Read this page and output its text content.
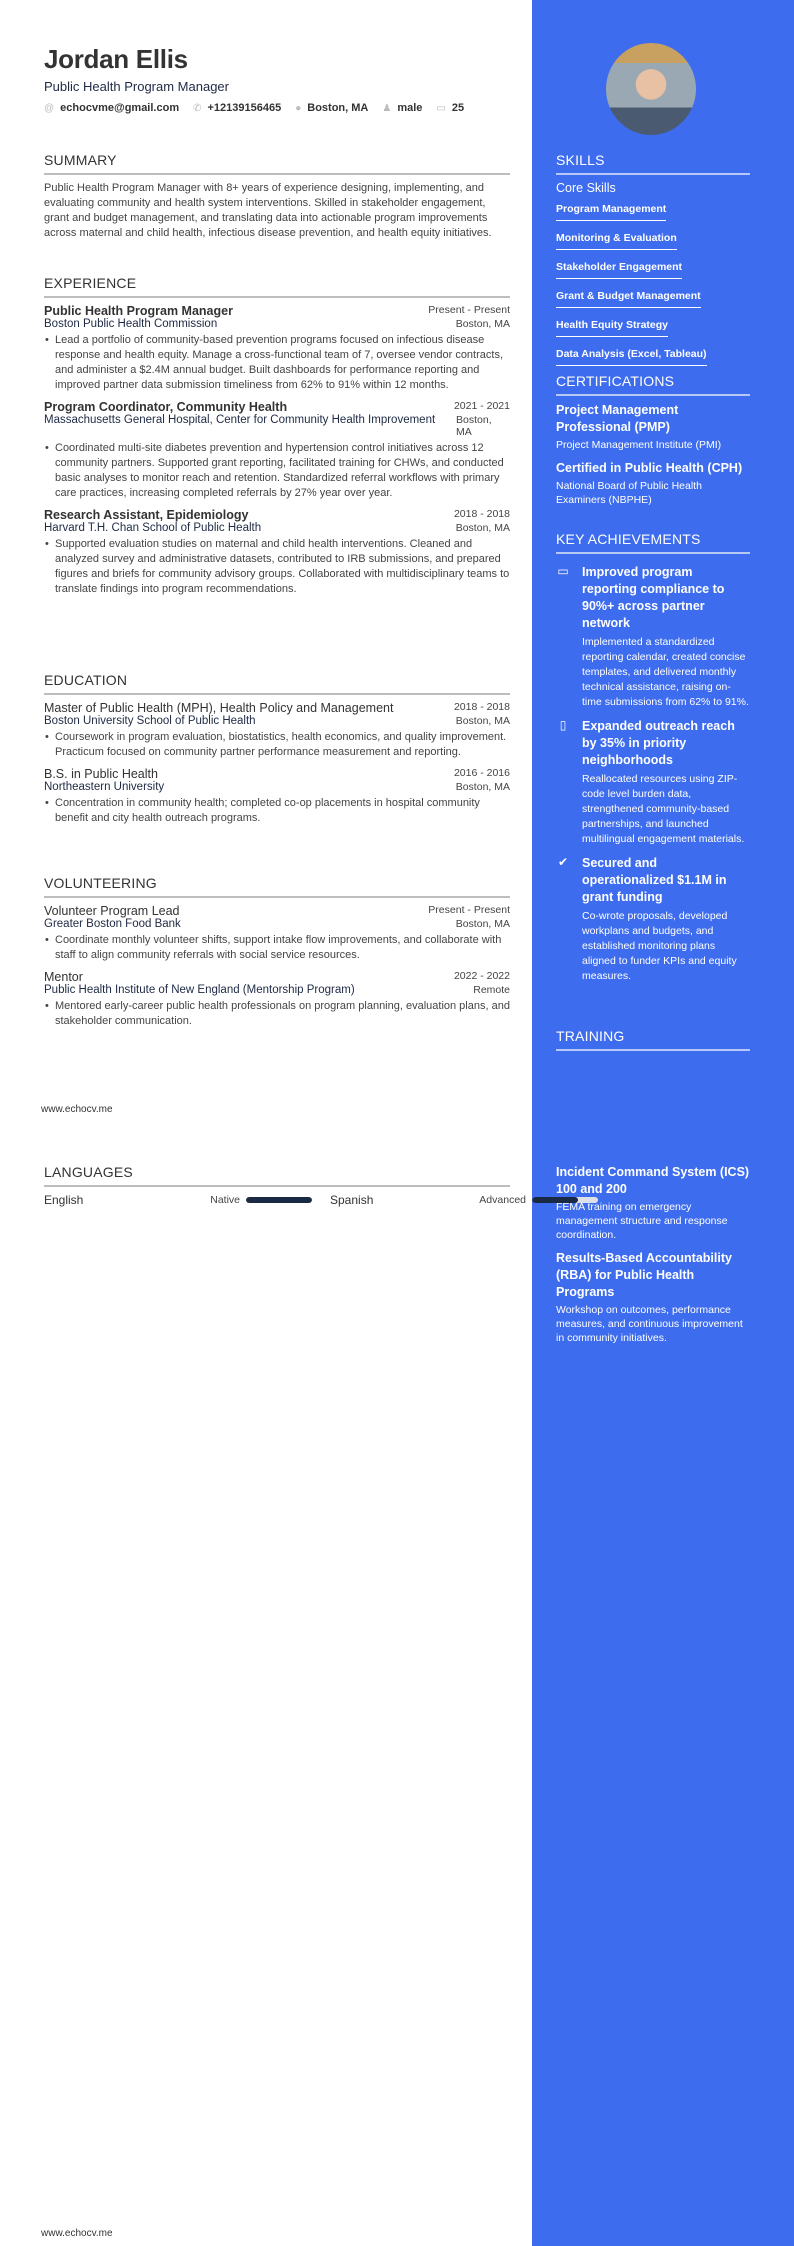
Jordan Ellis
Public Health Program Manager
@ echocvme@gmail.com ✆ +12139156465 ● Boston, MA ♟ male ▭ 25
SUMMARY
Public Health Program Manager with 8+ years of experience designing, implementing, and evaluating community and health system interventions. Skilled in stakeholder engagement, grant and budget management, and translating data into actionable program improvements across maternal and child health, infectious disease prevention, and health equity initiatives.
EXPERIENCE
Public Health Program Manager	Present - Present
Boston Public Health Commission	Boston, MA
• Lead a portfolio of community-based prevention programs focused on infectious disease response and health equity. Manage a cross-functional team of 7, oversee vendor contracts, and administer a $2.4M annual budget. Built dashboards for performance reporting and improved partner data submission timeliness from 62% to 91% within 12 months.
Program Coordinator, Community Health	2021 - 2021
Massachusetts General Hospital, Center for Community Health Improvement Boston, MA
• Coordinated multi-site diabetes prevention and hypertension control initiatives across 12 community partners. Supported grant reporting, facilitated training for CHWs, and conducted basic analyses to monitor reach and retention. Standardized referral workflows with primary care practices, increasing completed referrals by 27% year over year.
Research Assistant, Epidemiology	2018 - 2018
Harvard T.H. Chan School of Public Health	Boston, MA
• Supported evaluation studies on maternal and child health interventions. Cleaned and analyzed survey and administrative datasets, contributed to IRB submissions, and prepared figures and briefs for community advisory groups. Collaborated with multidisciplinary teams to translate findings into program recommendations.
EDUCATION
Master of Public Health (MPH), Health Policy and Management	2018 - 2018
Boston University School of Public Health	Boston, MA
• Coursework in program evaluation, biostatistics, health economics, and quality improvement. Practicum focused on community partner performance measurement and reporting.
B.S. in Public Health	2016 - 2016
Northeastern University	Boston, MA
• Concentration in community health; completed co-op placements in hospital community benefit and city health outreach programs.
VOLUNTEERING
Volunteer Program Lead	Present - Present
Greater Boston Food Bank	Boston, MA
• Coordinate monthly volunteer shifts, support intake flow improvements, and collaborate with staff to align community referrals with social service resources.
Mentor	2022 - 2022
Public Health Institute of New England (Mentorship Program)	Remote
• Mentored early-career public health professionals on program planning, evaluation plans, and stakeholder communication.
www.echocv.me
LANGUAGES
English	Native	Spanish	Advanced
www.echocv.me
SKILLS
Core Skills
Program Management
Monitoring & Evaluation
Stakeholder Engagement
Grant & Budget Management
Health Equity Strategy
Data Analysis (Excel, Tableau)
CERTIFICATIONS
Project Management Professional (PMP)
Project Management Institute (PMI)
Certified in Public Health (CPH)
National Board of Public Health Examiners (NBPHE)
KEY ACHIEVEMENTS
▭ Improved program reporting compliance to 90%+ across partner network
Implemented a standardized reporting calendar, created concise templates, and delivered monthly technical assistance, raising on-time submissions from 62% to 91%.
▯ Expanded outreach reach by 35% in priority neighborhoods
Reallocated resources using ZIP-code level burden data, strengthened community-based partnerships, and launched multilingual engagement materials.
✔ Secured and operationalized $1.1M in grant funding
Co-wrote proposals, developed workplans and budgets, and established monitoring plans aligned to funder KPIs and equity measures.
TRAINING
Incident Command System (ICS) 100 and 200
FEMA training on emergency management structure and response coordination.
Results-Based Accountability (RBA) for Public Health Programs
Workshop on outcomes, performance measures, and continuous improvement in community initiatives.
